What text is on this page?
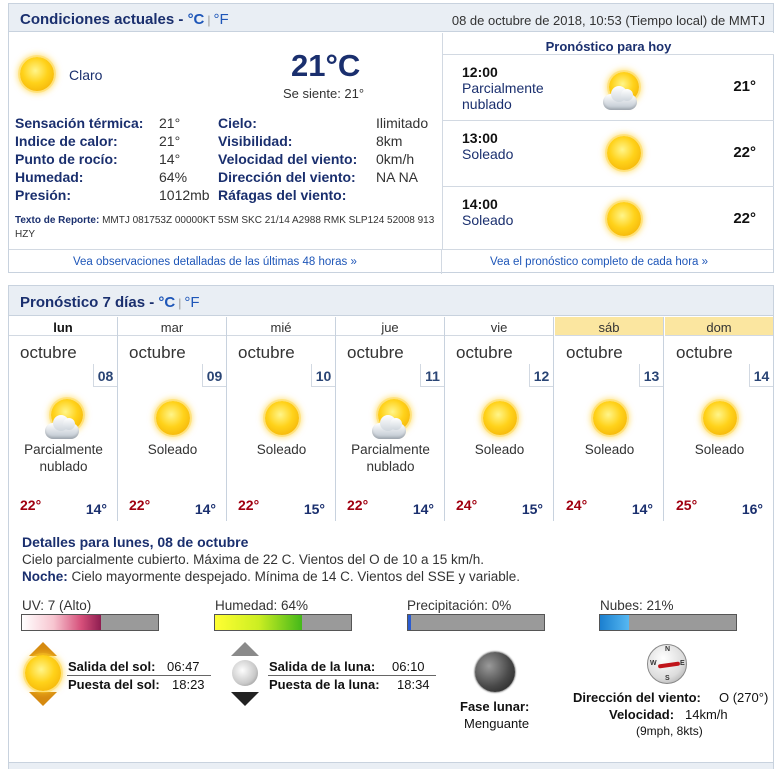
Condiciones actuales - °C | °F	08 de octubre de 2018, 10:53 (Tiempo local) de MMTJ
Claro	21°C
Se siente: 21°
Sensación térmica: 21°
Indice de calor:	21°
Punto de rocío:	14°
Humedad:	64%
Presión:	1012mb
Cielo:	Ilimitado
Visibilidad:	8km
Velocidad del viento: 0km/h
Dirección del viento: NA NA
Ráfagas del viento:
Texto de Reporte: MMTJ 081753Z 00000KT 5SM SKC 21/14 A2988 RMK SLP124 52008 913 HZY
Pronóstico para hoy
12:00
Parcialmente
nublado
21°
13:00
Soleado	22°
14:00
Soleado	22°
Vea observaciones detalladas de las últimas 48 horas »	Vea el pronóstico completo de cada hora »
Pronóstico 7 días - °C | °F
lun
octubre
08
Parcialmente
nublado
22°	14°
mar
octubre
09
Soleado
22°	14°
mié
octubre
10
Soleado
22°	15°
jue
octubre
11
Parcialmente
nublado
22°	14°
vie
octubre
12
Soleado
24°	15°
sáb
octubre
13
Soleado
24°	14°
dom
octubre
14
Soleado
25°	16°
Detalles para lunes, 08 de octubre
Cielo parcialmente cubierto. Máxima de 22 C. Vientos del O de 10 a 15 km/h.
Noche: Cielo mayormente despejado. Mínima de 14 C. Vientos del SSE y variable.
UV: 7 (Alto)	Humedad: 64%	Precipitación: 0%	Nubes: 21%
Salida del sol: 06:47
Puesta del sol: 18:23
Salida de la luna: 06:10
Puesta de la luna: 18:34
Fase lunar:
Menguante
N
S
E
W
Dirección del viento: O (270°)
Velocidad: 14km/h
(9mph, 8kts)
